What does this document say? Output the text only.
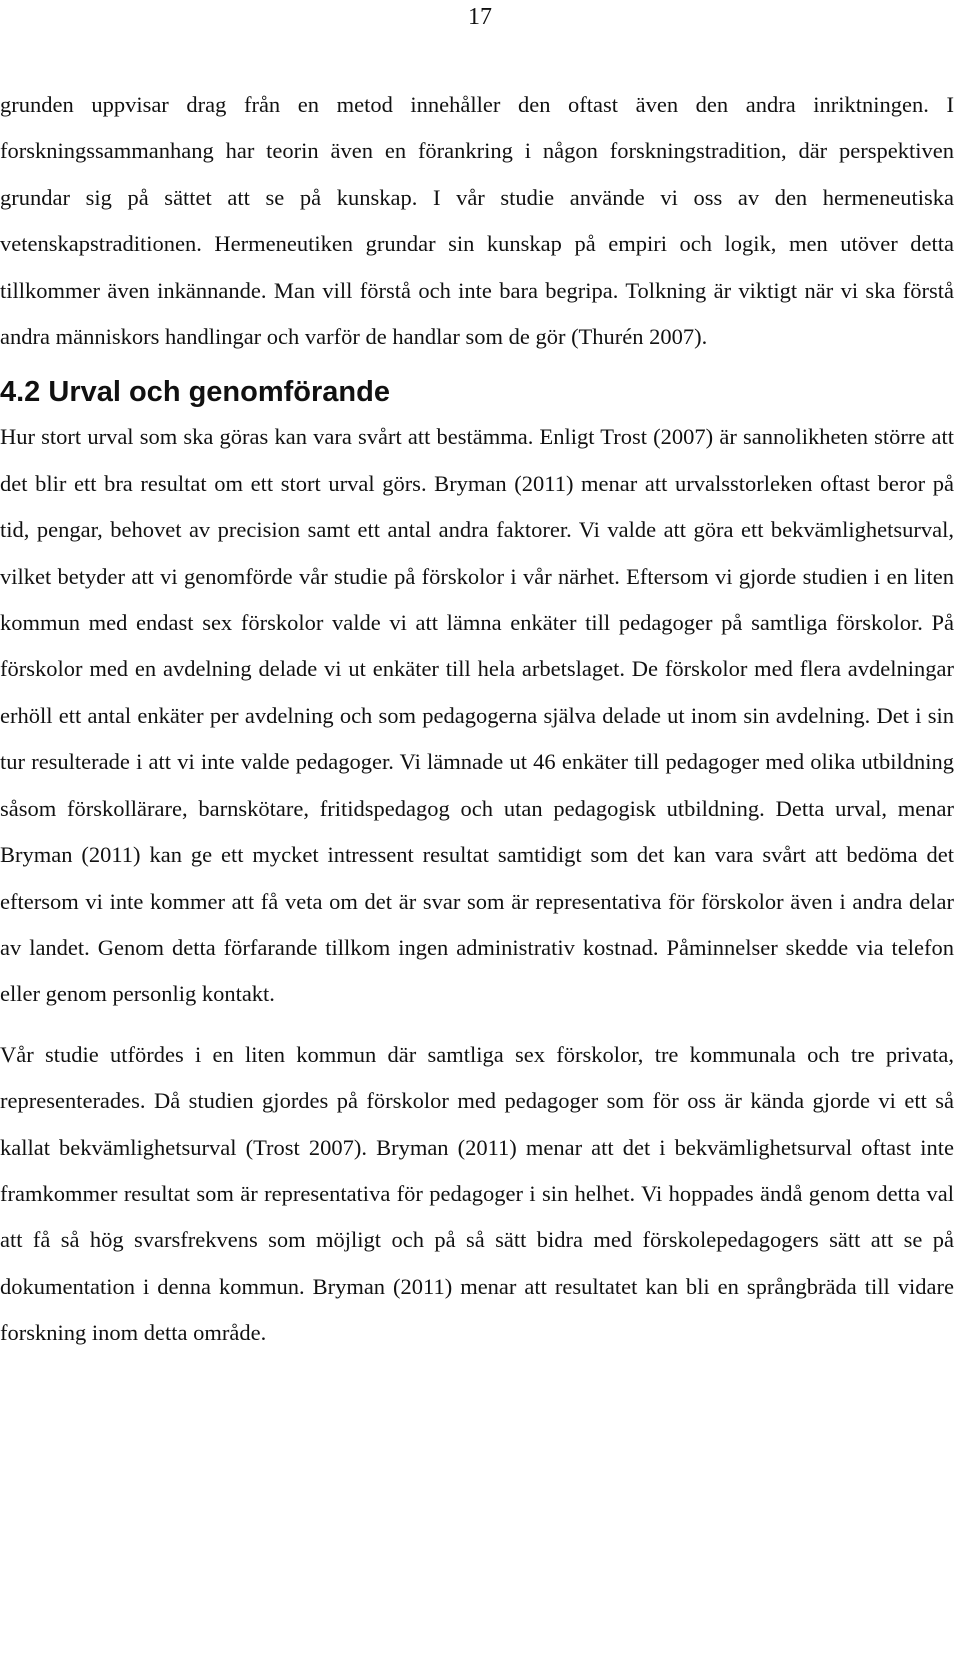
17

grunden uppvisar drag från en metod innehåller den oftast även den andra inriktningen. I forskningssammanhang har teorin även en förankring i någon forskningstradition, där perspektiven grundar sig på sättet att se på kunskap. I vår studie använde vi oss av den hermeneutiska vetenskapstraditionen. Hermeneutiken grundar sin kunskap på empiri och logik, men utöver detta tillkommer även inkännande. Man vill förstå och inte bara begripa. Tolkning är viktigt när vi ska förstå andra människors handlingar och varför de handlar som de gör (Thurén 2007).

4.2 Urval och genomförande

Hur stort urval som ska göras kan vara svårt att bestämma. Enligt Trost (2007) är sannolikheten större att det blir ett bra resultat om ett stort urval görs. Bryman (2011) menar att urvalsstorleken oftast beror på tid, pengar, behovet av precision samt ett antal andra faktorer. Vi valde att göra ett bekvämlighetsurval, vilket betyder att vi genomförde vår studie på förskolor i vår närhet. Eftersom vi gjorde studien i en liten kommun med endast sex förskolor valde vi att lämna enkäter till pedagoger på samtliga förskolor. På förskolor med en avdelning delade vi ut enkäter till hela arbetslaget. De förskolor med flera avdelningar erhöll ett antal enkäter per avdelning och som pedagogerna själva delade ut inom sin avdelning. Det i sin tur resulterade i att vi inte valde pedagoger. Vi lämnade ut 46 enkäter till pedagoger med olika utbildning såsom förskollärare, barnskötare, fritidspedagog och utan pedagogisk utbildning. Detta urval, menar Bryman (2011) kan ge ett mycket intressent resultat samtidigt som det kan vara svårt att bedöma det eftersom vi inte kommer att få veta om det är svar som är representativa för förskolor även i andra delar av landet. Genom detta förfarande tillkom ingen administrativ kostnad. Påminnelser skedde via telefon eller genom personlig kontakt.

Vår studie utfördes i en liten kommun där samtliga sex förskolor, tre kommunala och tre privata, representerades. Då studien gjordes på förskolor med pedagoger som för oss är kända gjorde vi ett så kallat bekvämlighetsurval (Trost 2007). Bryman (2011) menar att det i bekvämlighetsurval oftast inte framkommer resultat som är representativa för pedagoger i sin helhet. Vi hoppades ändå genom detta val att få så hög svarsfrekvens som möjligt och på så sätt bidra med förskolepedagogers sätt att se på dokumentation i denna kommun. Bryman (2011) menar att resultatet kan bli en språngbräda till vidare forskning inom detta område.
